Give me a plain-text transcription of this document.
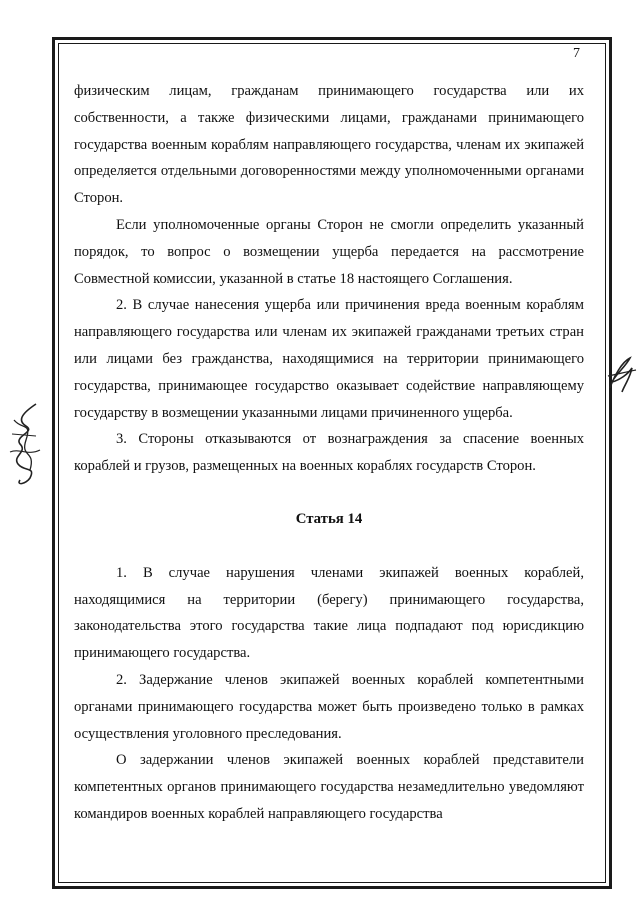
7

физическим лицам, гражданам принимающего государства или их собственности, а также физическими лицами, гражданами принимающего государства военным кораблям направляющего государства, членам их экипажей определяется отдельными договоренностями между уполномоченными органами Сторон.

Если уполномоченные органы Сторон не смогли определить указанный порядок, то вопрос о возмещении ущерба передается на рассмотрение Совместной комиссии, указанной в статье 18 настоящего Соглашения.

2. В случае нанесения ущерба или причинения вреда военным кораблям направляющего государства или членам их экипажей гражданами третьих стран или лицами без гражданства, находящимися на территории принимающего государства, принимающее государство оказывает содействие направляющему государству в возмещении указанными лицами причиненного ущерба.

3. Стороны отказываются от вознаграждения за спасение военных кораблей и грузов, размещенных на военных кораблях государств Сторон.

Статья 14

1. В случае нарушения членами экипажей военных кораблей, находящимися на территории (берегу) принимающего государства, законодательства этого государства такие лица подпадают под юрисдикцию принимающего государства.

2. Задержание членов экипажей военных кораблей компетентными органами принимающего государства может быть произведено только в рамках осуществления уголовного преследования.

О задержании членов экипажей военных кораблей представители компетентных органов принимающего государства незамедлительно уведомляют командиров военных кораблей направляющего государства
